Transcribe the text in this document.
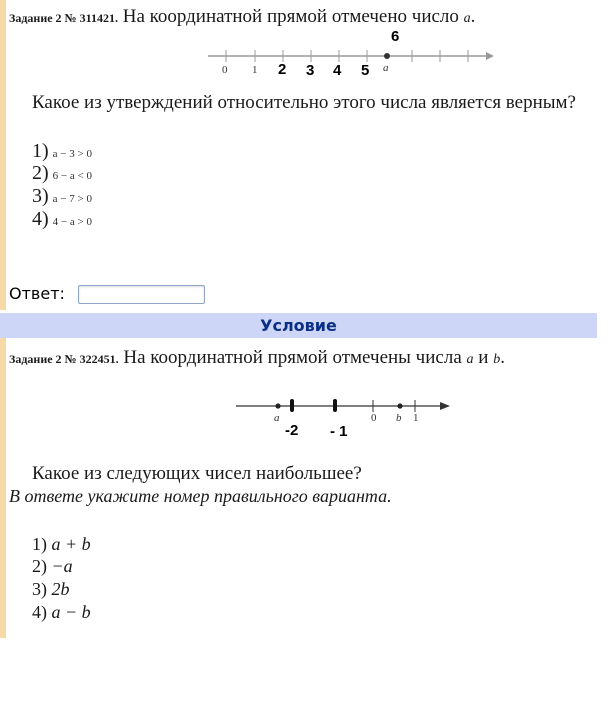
Задание 2 № 311421. На координатной прямой отмечено число a.
0 1	a
2 3 4 5
6
Какое из утверждений относительно этого числа является верным?
1) a − 3 > 0
2) 6 − a < 0
3) a − 7 > 0
4) 4 − a > 0
Ответ:
Условие
Задание 2 № 322451. На координатной прямой отмечены числа a и b.
a	0 b 1
-2 - 1
Какое из следующих чисел наибольшее?
В ответе укажите номер правильного варианта.
1) a + b
2) −a
3) 2b
4) a − b
